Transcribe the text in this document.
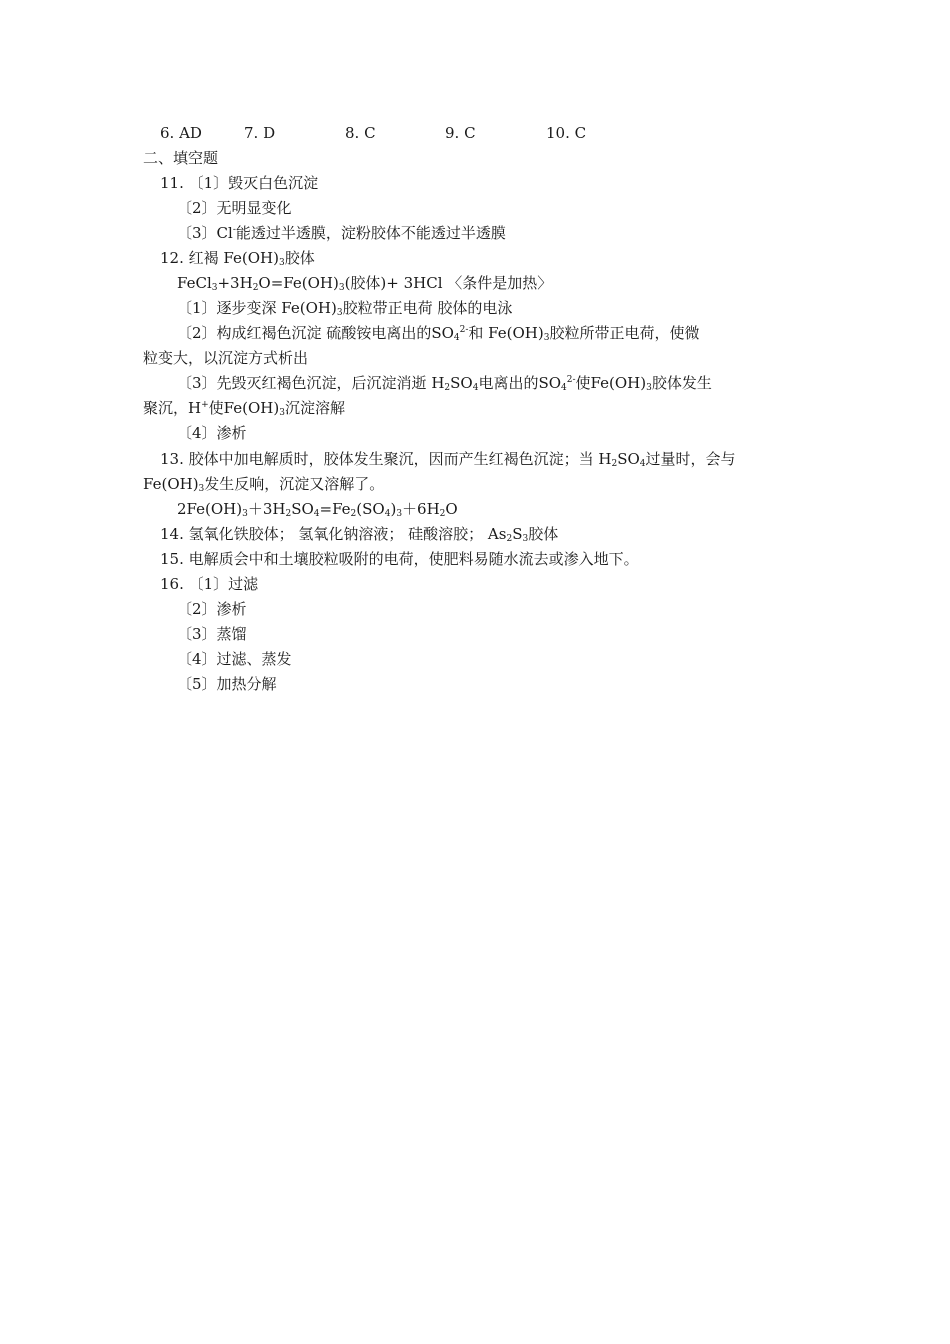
6. AD	7. D	8. C	9. C	10. C
二、填空题
11. 〔1〕毁灭白色沉淀
〔2〕无明显变化
〔3〕Cl-能透过半透膜，淀粉胶体不能透过半透膜
12. 红褐 $Fe(OH)_3$胶体
$FeCl_3+3H_2O=Fe(OH)_3$(胶体)+ 3HCl 〈条件是加热〉
〔1〕逐步变深 $Fe(OH)_3$胶粒带正电荷 胶体的电泳
〔2〕构成红褐色沉淀 硫酸铵电离出的$SO_4^{2-}$和 $Fe(OH)_3$胶粒所带正电荷，使微
粒变大，以沉淀方式析出
〔3〕先毁灭红褐色沉淀，后沉淀消逝 $H_2SO_4$电离出的$SO_4^{2-}$使$Fe(OH)_3$胶体发生
聚沉，H+使$Fe(OH)_3$沉淀溶解
〔4〕渗析
13. 胶体中加电解质时，胶体发生聚沉，因而产生红褐色沉淀；当 $H_2SO_4$过量时，会与
$Fe(OH)_3$发生反响，沉淀又溶解了。
$2Fe(OH)_3+3H_2SO_4=Fe_2(SO_4)_3+6H_2O$
14. 氢氧化铁胶体； 氢氧化钠溶液； 硅酸溶胶； $As_2S_3$胶体
15. 电解质会中和土壤胶粒吸附的电荷，使肥料易随水流去或渗入地下。
16. 〔1〕过滤
〔2〕渗析
〔3〕蒸馏
〔4〕过滤、蒸发
〔5〕加热分解
